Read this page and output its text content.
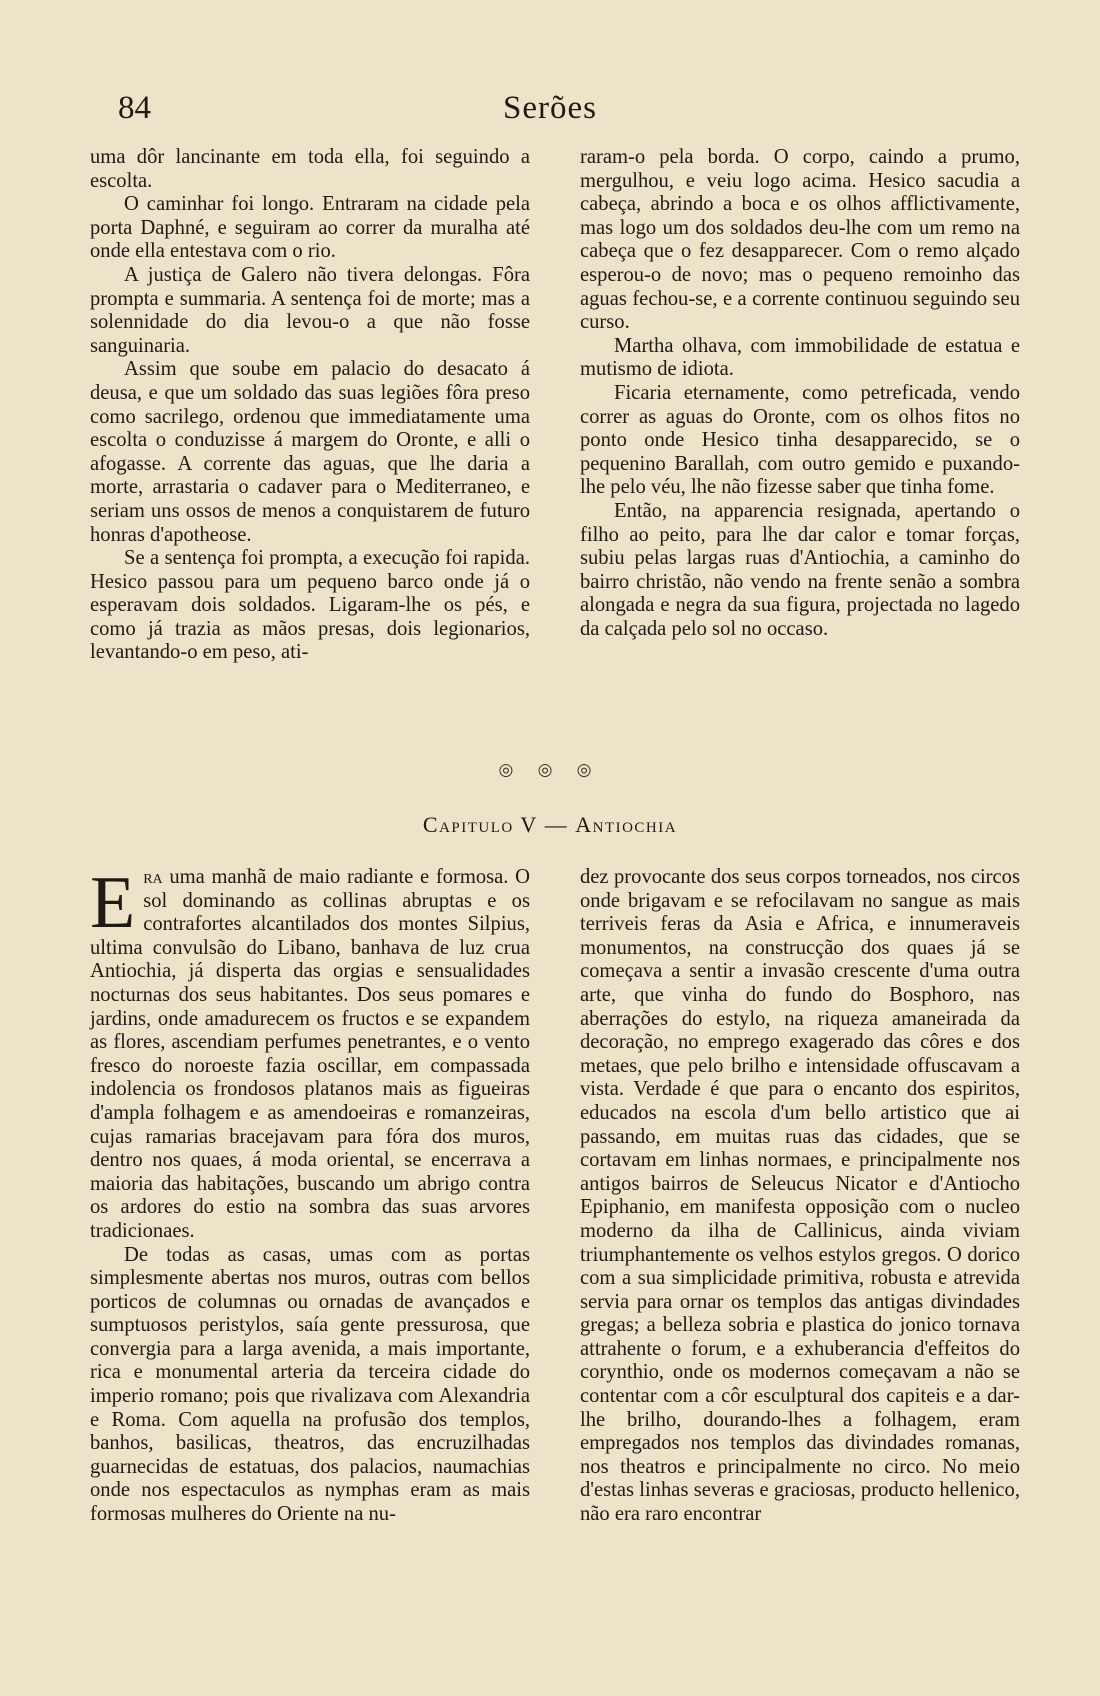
84	Serões

uma dôr lancinante em toda ella, foi seguindo a escolta.

O caminhar foi longo. Entraram na cidade pela porta Daphné, e seguiram ao correr da muralha até onde ella entestava com o rio.

A justiça de Galero não tivera delongas. Fôra prompta e summaria. A sentença foi de morte; mas a solennidade do dia levou-o a que não fosse sanguinaria.

Assim que soube em palacio do desacato á deusa, e que um soldado das suas legiões fôra preso como sacrilego, ordenou que immediatamente uma escolta o conduzisse á margem do Oronte, e alli o afogasse. A corrente das aguas, que lhe daria a morte, arrastaria o cadaver para o Mediterraneo, e seriam uns ossos de menos a conquistarem de futuro honras d'apotheose.

Se a sentença foi prompta, a execução foi rapida. Hesico passou para um pequeno barco onde já o esperavam dois soldados. Ligaram-lhe os pés, e como já trazia as mãos presas, dois legionarios, levantando-o em peso, ati-

raram-o pela borda. O corpo, caindo a prumo, mergulhou, e veiu logo acima. Hesico sacudia a cabeça, abrindo a boca e os olhos afflictivamente, mas logo um dos soldados deu-lhe com um remo na cabeça que o fez desapparecer. Com o remo alçado esperou-o de novo; mas o pequeno remoinho das aguas fechou-se, e a corrente continuou seguindo seu curso.

Martha olhava, com immobilidade de estatua e mutismo de idiota.

Ficaria eternamente, como petreficada, vendo correr as aguas do Oronte, com os olhos fitos no ponto onde Hesico tinha desapparecido, se o pequenino Barallah, com outro gemido e puxando-lhe pelo véu, lhe não fizesse saber que tinha fome.

Então, na apparencia resignada, apertando o filho ao peito, para lhe dar calor e tomar forças, subiu pelas largas ruas d'Antiochia, a caminho do bairro christão, não vendo na frente senão a sombra alongada e negra da sua figura, projectada no lagedo da calçada pelo sol no occaso.

◎ ◎ ◎
Capitulo V — Antiochia

Era uma manhã de maio radiante e formosa. O sol dominando as collinas abruptas e os contrafortes alcantilados dos montes Silpius, ultima convulsão do Libano, banhava de luz crua Antiochia, já disperta das orgias e sensualidades nocturnas dos seus habitantes. Dos seus pomares e jardins, onde amadurecem os fructos e se expandem as flores, ascendiam perfumes penetrantes, e o vento fresco do noroeste fazia oscillar, em compassada indolencia os frondosos platanos mais as figueiras d'ampla folhagem e as amendoeiras e romanzeiras, cujas ramarias bracejavam para fóra dos muros, dentro nos quaes, á moda oriental, se encerrava a maioria das habitações, buscando um abrigo contra os ardores do estio na sombra das suas arvores tradicionaes.

De todas as casas, umas com as portas simplesmente abertas nos muros, outras com bellos porticos de columnas ou ornadas de avançados e sumptuosos peristylos, saía gente pressurosa, que convergia para a larga avenida, a mais importante, rica e monumental arteria da terceira cidade do imperio romano; pois que rivalizava com Alexandria e Roma. Com aquella na profusão dos templos, banhos, basilicas, theatros, das encruzilhadas guarnecidas de estatuas, dos palacios, naumachias onde nos espectaculos as nymphas eram as mais formosas mulheres do Oriente na nu-

dez provocante dos seus corpos torneados, nos circos onde brigavam e se refocilavam no sangue as mais terriveis feras da Asia e Africa, e innumeraveis monumentos, na construcção dos quaes já se começava a sentir a invasão crescente d'uma outra arte, que vinha do fundo do Bosphoro, nas aberrações do estylo, na riqueza amaneirada da decoração, no emprego exagerado das côres e dos metaes, que pelo brilho e intensidade offuscavam a vista. Verdade é que para o encanto dos espiritos, educados na escola d'um bello artistico que ai passando, em muitas ruas das cidades, que se cortavam em linhas normaes, e principalmente nos antigos bairros de Seleucus Nicator e d'Antiocho Epiphanio, em manifesta opposição com o nucleo moderno da ilha de Callinicus, ainda viviam triumphantemente os velhos estylos gregos. O dorico com a sua simplicidade primitiva, robusta e atrevida servia para ornar os templos das antigas divindades gregas; a belleza sobria e plastica do jonico tornava attrahente o forum, e a exhuberancia d'effeitos do corynthio, onde os modernos começavam a não se contentar com a côr esculptural dos capiteis e a dar-lhe brilho, dourando-lhes a folhagem, eram empregados nos templos das divindades romanas, nos theatros e principalmente no circo. No meio d'estas linhas severas e graciosas, producto hellenico, não era raro encontrar
